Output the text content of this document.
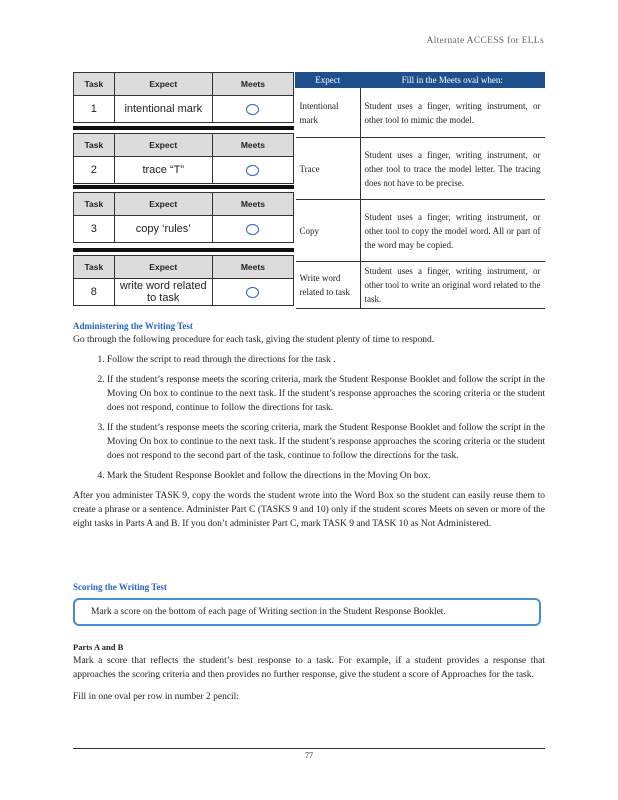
Alternate ACCESS for ELLs
Task	Expect	Meets
1	intentional mark	
Task	Expect	Meets
2	trace “T”	
Task	Expect	Meets
3	copy ‘rules’	
Task	Expect	Meets
8	write word related to task	
Expect	Fill in the Meets oval when:
Intentional mark	Student uses a finger, writing instrument, or other tool to mimic the model.
Trace	Student uses a finger, writing instrument, or other tool to trace the model letter. The tracing does not have to be precise.
Copy	Student uses a finger, writing instrument, or other tool to copy the model word. All or part of the word may be copied.
Write word related to task	Student uses a finger, writing instrument, or other tool to write an original word related to the task.
Administering the Writing Test
Go through the following procedure for each task, giving the student plenty of time to respond.
1. Follow the script to read through the directions for the task .
2. If the student’s response meets the scoring criteria, mark the Student Response Booklet and follow the script in the Moving On box to continue to the next task. If the student’s response approaches the scoring criteria or the student does not respond, continue to follow the directions for task.
3. If the student’s response meets the scoring criteria, mark the Student Response Booklet and follow the script in the Moving On box to continue to the next task. If the student’s response approaches the scoring criteria or the student does not respond to the second part of the task, continue to follow the directions for the task.
4. Mark the Student Response Booklet and follow the directions in the Moving On box.
After you administer TASK 9, copy the words the student wrote into the Word Box so the student can easily reuse them to create a phrase or a sentence. Administer Part C (TASKS 9 and 10) only if the student scores Meets on seven or more of the eight tasks in Parts A and B. If you don’t administer Part C, mark TASK 9 and TASK 10 as Not Administered.
Scoring the Writing Test
Mark a score on the bottom of each page of Writing section in the Student Response Booklet.
Parts A and B
Mark a score that reflects the student’s best response to a task. For example, if a student provides a response that approaches the scoring criteria and then provides no further response, give the student a score of Approaches for the task.
Fill in one oval per row in number 2 pencil:
77
